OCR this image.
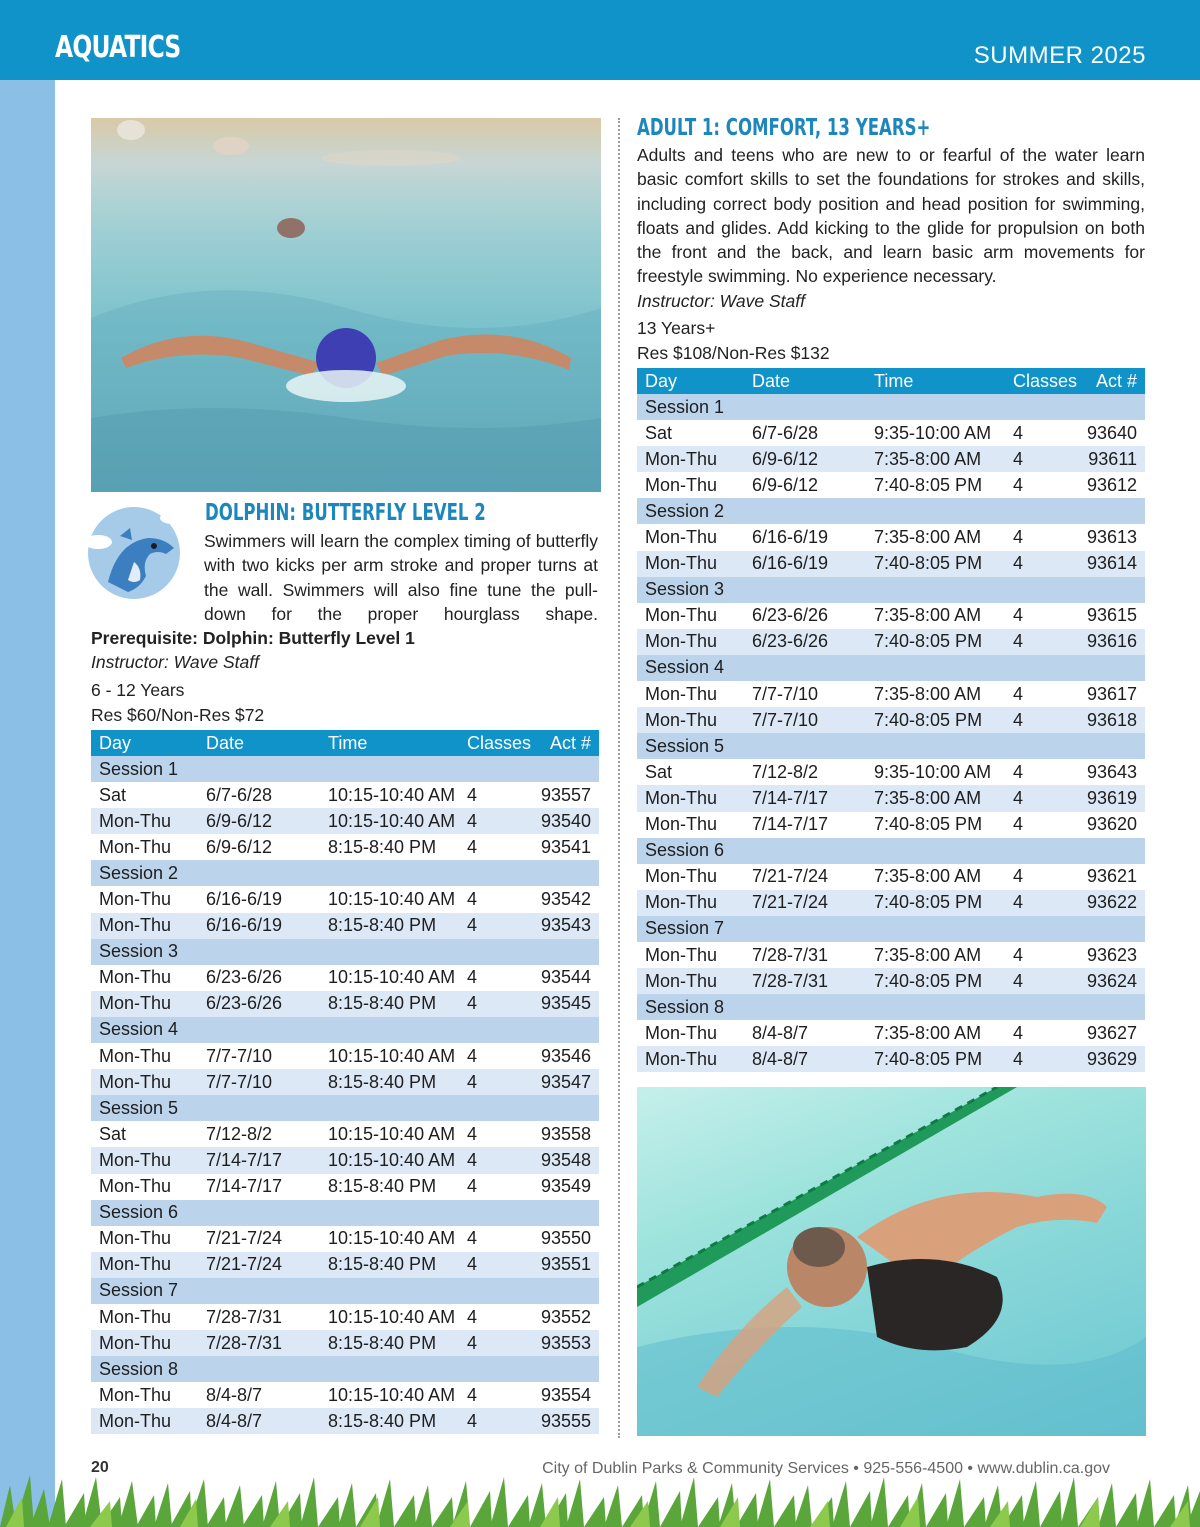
AQUATICS	SUMMER 2025
DOLPHIN: BUTTERFLY LEVEL 2
Swimmers will learn the complex timing of butterfly with two kicks per arm stroke and proper turns at the wall. Swimmers will also fine tune the pull-down for the proper hourglass shape. Prerequisite: Dolphin: Butterfly Level 1
Instructor: Wave Staff
6 - 12 Years
Res $60/Non-Res $72
Day	Date	Time	Classes	Act #
Session 1				
Sat	6/7-6/28	10:15-10:40 AM	4	93557
Mon-Thu	6/9-6/12	10:15-10:40 AM	4	93540
Mon-Thu	6/9-6/12	8:15-8:40 PM	4	93541
Session 2				
Mon-Thu	6/16-6/19	10:15-10:40 AM	4	93542
Mon-Thu	6/16-6/19	8:15-8:40 PM	4	93543
Session 3				
Mon-Thu	6/23-6/26	10:15-10:40 AM	4	93544
Mon-Thu	6/23-6/26	8:15-8:40 PM	4	93545
Session 4				
Mon-Thu	7/7-7/10	10:15-10:40 AM	4	93546
Mon-Thu	7/7-7/10	8:15-8:40 PM	4	93547
Session 5				
Sat	7/12-8/2	10:15-10:40 AM	4	93558
Mon-Thu	7/14-7/17	10:15-10:40 AM	4	93548
Mon-Thu	7/14-7/17	8:15-8:40 PM	4	93549
Session 6				
Mon-Thu	7/21-7/24	10:15-10:40 AM	4	93550
Mon-Thu	7/21-7/24	8:15-8:40 PM	4	93551
Session 7				
Mon-Thu	7/28-7/31	10:15-10:40 AM	4	93552
Mon-Thu	7/28-7/31	8:15-8:40 PM	4	93553
Session 8				
Mon-Thu	8/4-8/7	10:15-10:40 AM	4	93554
Mon-Thu	8/4-8/7	8:15-8:40 PM	4	93555
ADULT 1: COMFORT, 13 YEARS+
Adults and teens who are new to or fearful of the water learn basic comfort skills to set the foundations for strokes and skills, including correct body position and head position for swimming, floats and glides. Add kicking to the glide for propulsion on both the front and the back, and learn basic arm movements for freestyle swimming. No experience necessary.
Instructor: Wave Staff
13 Years+
Res $108/Non-Res $132
Day	Date	Time	Classes	Act #
Session 1				
Sat	6/7-6/28	9:35-10:00 AM	4	93640
Mon-Thu	6/9-6/12	7:35-8:00 AM	4	93611
Mon-Thu	6/9-6/12	7:40-8:05 PM	4	93612
Session 2				
Mon-Thu	6/16-6/19	7:35-8:00 AM	4	93613
Mon-Thu	6/16-6/19	7:40-8:05 PM	4	93614
Session 3				
Mon-Thu	6/23-6/26	7:35-8:00 AM	4	93615
Mon-Thu	6/23-6/26	7:40-8:05 PM	4	93616
Session 4				
Mon-Thu	7/7-7/10	7:35-8:00 AM	4	93617
Mon-Thu	7/7-7/10	7:40-8:05 PM	4	93618
Session 5				
Sat	7/12-8/2	9:35-10:00 AM	4	93643
Mon-Thu	7/14-7/17	7:35-8:00 AM	4	93619
Mon-Thu	7/14-7/17	7:40-8:05 PM	4	93620
Session 6				
Mon-Thu	7/21-7/24	7:35-8:00 AM	4	93621
Mon-Thu	7/21-7/24	7:40-8:05 PM	4	93622
Session 7				
Mon-Thu	7/28-7/31	7:35-8:00 AM	4	93623
Mon-Thu	7/28-7/31	7:40-8:05 PM	4	93624
Session 8				
Mon-Thu	8/4-8/7	7:35-8:00 AM	4	93627
Mon-Thu	8/4-8/7	7:40-8:05 PM	4	93629
20	City of Dublin Parks & Community Services • 925-556-4500 • www.dublin.ca.gov
